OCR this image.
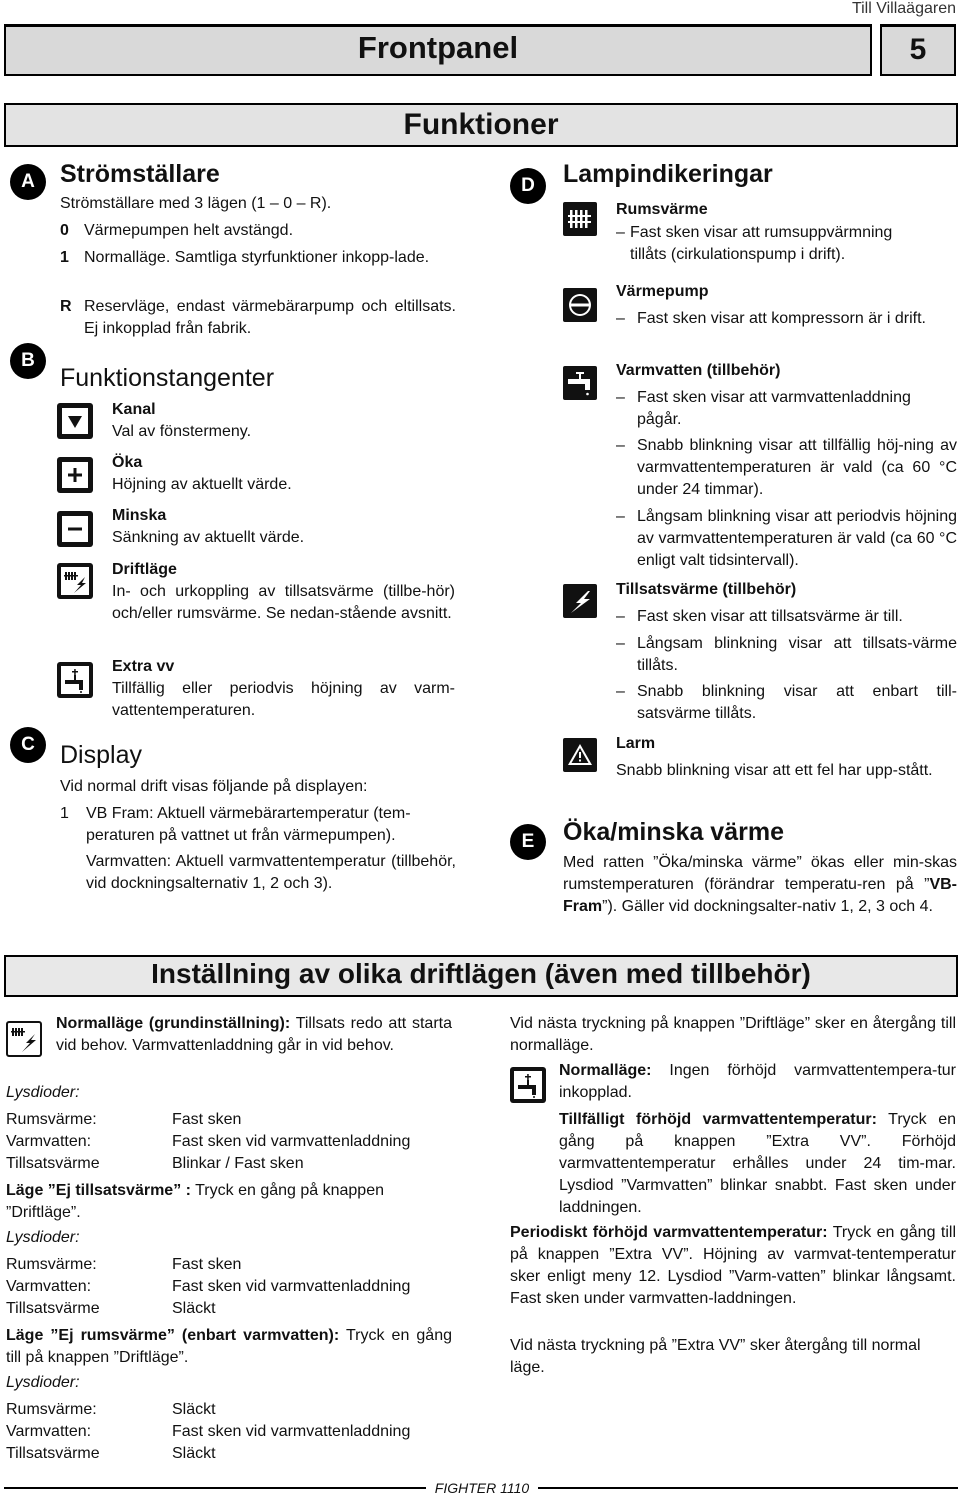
Till Villaägaren
Frontpanel	5
Funktioner
A
B
C
D
E
Strömställare
Strömställare med 3 lägen (1 – 0 – R).
0 Värmepumpen helt avstängd.
1 Normalläge. Samtliga styrfunktioner inkopp-lade.
R Reservläge, endast värmebärarpump och eltillsats. Ej inkopplad från fabrik.
Funktionstangenter
Kanal
Val av fönstermeny.
Öka
Höjning av aktuellt värde.
Minska
Sänkning av aktuellt värde.
Driftläge
In- och urkoppling av tillsatsvärme (tillbe-hör) och/eller rumsvärme. Se nedan-stående avsnitt.
Extra vv
Tillfällig eller periodvis höjning av varm-vattentemperaturen.
Display
Vid normal drift visas följande på displayen:
1 VB Fram: Aktuell värmebärartemperatur (tem-peraturen på vattnet ut från värmepumpen).
Varmvatten: Aktuell varmvattentemperatur (tillbehör, vid dockningsalternativ 1, 2 och 3).
Lampindikeringar
Rumsvärme
– Fast sken visar att rumsuppvärmning tillåts (cirkulationspump i drift).
Värmepump
– Fast sken visar att kompressorn är i drift.
Varmvatten (tillbehör)
– Fast sken visar att varmvattenladdning pågår.
– Snabb blinkning visar att tillfällig höj-ning av varmvattentemperaturen är vald (ca 60 °C under 24 timmar).
– Långsam blinkning visar att periodvis höjning av varmvattentemperaturen är vald (ca 60 °C enligt valt tidsintervall).
Tillsatsvärme (tillbehör)
– Fast sken visar att tillsatsvärme är till.
– Långsam blinkning visar att tillsats-värme tillåts.
– Snabb blinkning visar att enbart till-satsvärme tillåts.
Larm
Snabb blinkning visar att ett fel har upp-stått.
Öka/minska värme
Med ratten ”Öka/minska värme” ökas eller min-skas rumstemperaturen (förändrar temperatu-ren på ”VB-Fram”). Gäller vid dockningsalter-nativ 1, 2, 3 och 4.
Inställning av olika driftlägen (även med tillbehör)
Normalläge (grundinställning): Tillsats redo att starta vid behov. Varmvattenladdning går in vid behov.
Lysdioder:
Rumsvärme:
Varmvatten:
Tillsatsvärme
Fast sken
Fast sken vid varmvattenladdning
Blinkar / Fast sken
Läge ”Ej tillsatsvärme” : Tryck en gång på knappen ”Driftläge”.
Lysdioder:
Rumsvärme:
Varmvatten:
Tillsatsvärme
Fast sken
Fast sken vid varmvattenladdning
Släckt
Läge ”Ej rumsvärme” (enbart varmvatten): Tryck en gång till på knappen ”Driftläge”.
Lysdioder:
Rumsvärme:
Varmvatten:
Tillsatsvärme
Släckt
Fast sken vid varmvattenladdning
Släckt
Vid nästa tryckning på knappen ”Driftläge” sker en återgång till normalläge.
Normalläge: Ingen förhöjd varmvattentempera-tur inkopplad.
Tillfälligt förhöjd varmvattentemperatur: Tryck en gång på knappen ”Extra VV”. Förhöjd varmvattentemperatur erhålles under 24 tim-mar. Lysdiod ”Varmvatten” blinkar snabbt. Fast sken under laddningen.
Periodiskt förhöjd varmvattentemperatur: Tryck en gång till på knappen ”Extra VV”. Höjning av varmvat-tentemperatur sker enligt meny 12. Lysdiod ”Varm-vatten” blinkar långsamt. Fast sken under varmvatten-laddningen.
Vid nästa tryckning på ”Extra VV” sker återgång till normal läge.
FIGHTER 1110
